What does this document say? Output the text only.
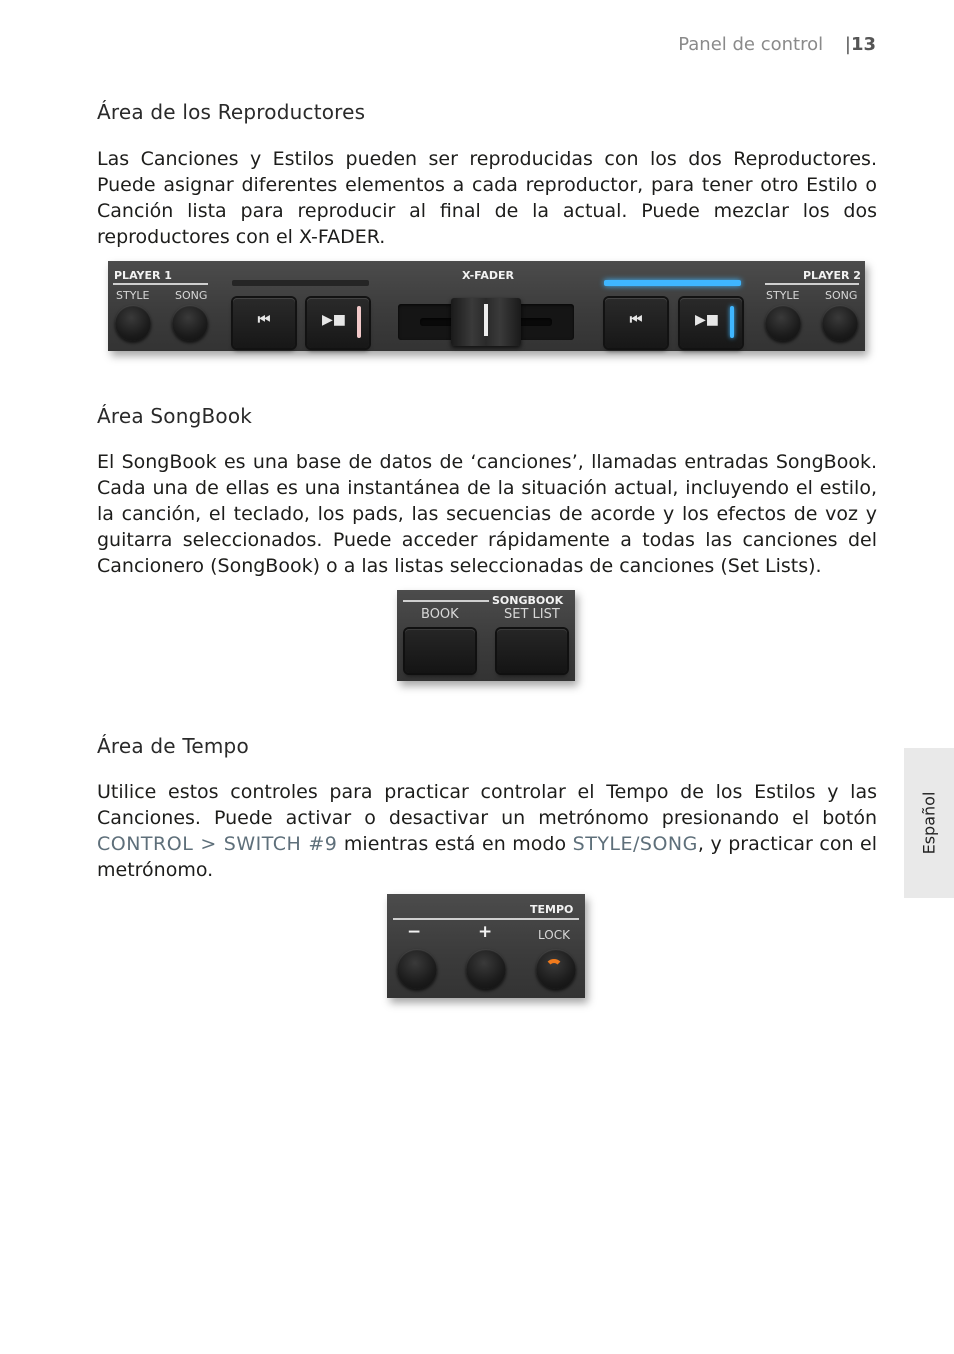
Panel de control |13
Español
Área de los Reproductores

Las Canciones y Estilos pueden ser reproducidas con los dos Reproductores. Puede asignar diferentes elementos a cada reproductor, para tener otro Estilo o Canción lista para reproducir al final de la actual. Puede mezclar los dos reproductores con el X-FADER.

PLAYER 1
STYLE SONG
⏮	▶■
X-FADER
⏮	▶■
PLAYER 2
STYLE SONG
Área SongBook

El SongBook es una base de datos de ‘canciones’, llamadas entradas SongBook. Cada una de ellas es una instantánea de la situación actual, incluyendo el estilo, la canción, el teclado, los pads, las secuencias de acorde y los efectos de voz y guitarra seleccionados. Puede acceder rápidamente a todas las canciones del Cancionero (SongBook) o a las listas seleccionadas de canciones (Set Lists).

SONGBOOK
BOOK	SET LIST
Área de Tempo

Utilice estos controles para practicar controlar el Tempo de los Estilos y las Canciones. Puede activar o desactivar un metrónomo presionando el botón CONTROL > SWITCH #9 mientras está en modo STYLE/SONG, y practicar con el metrónomo.

TEMPO
−	+	LOCK
